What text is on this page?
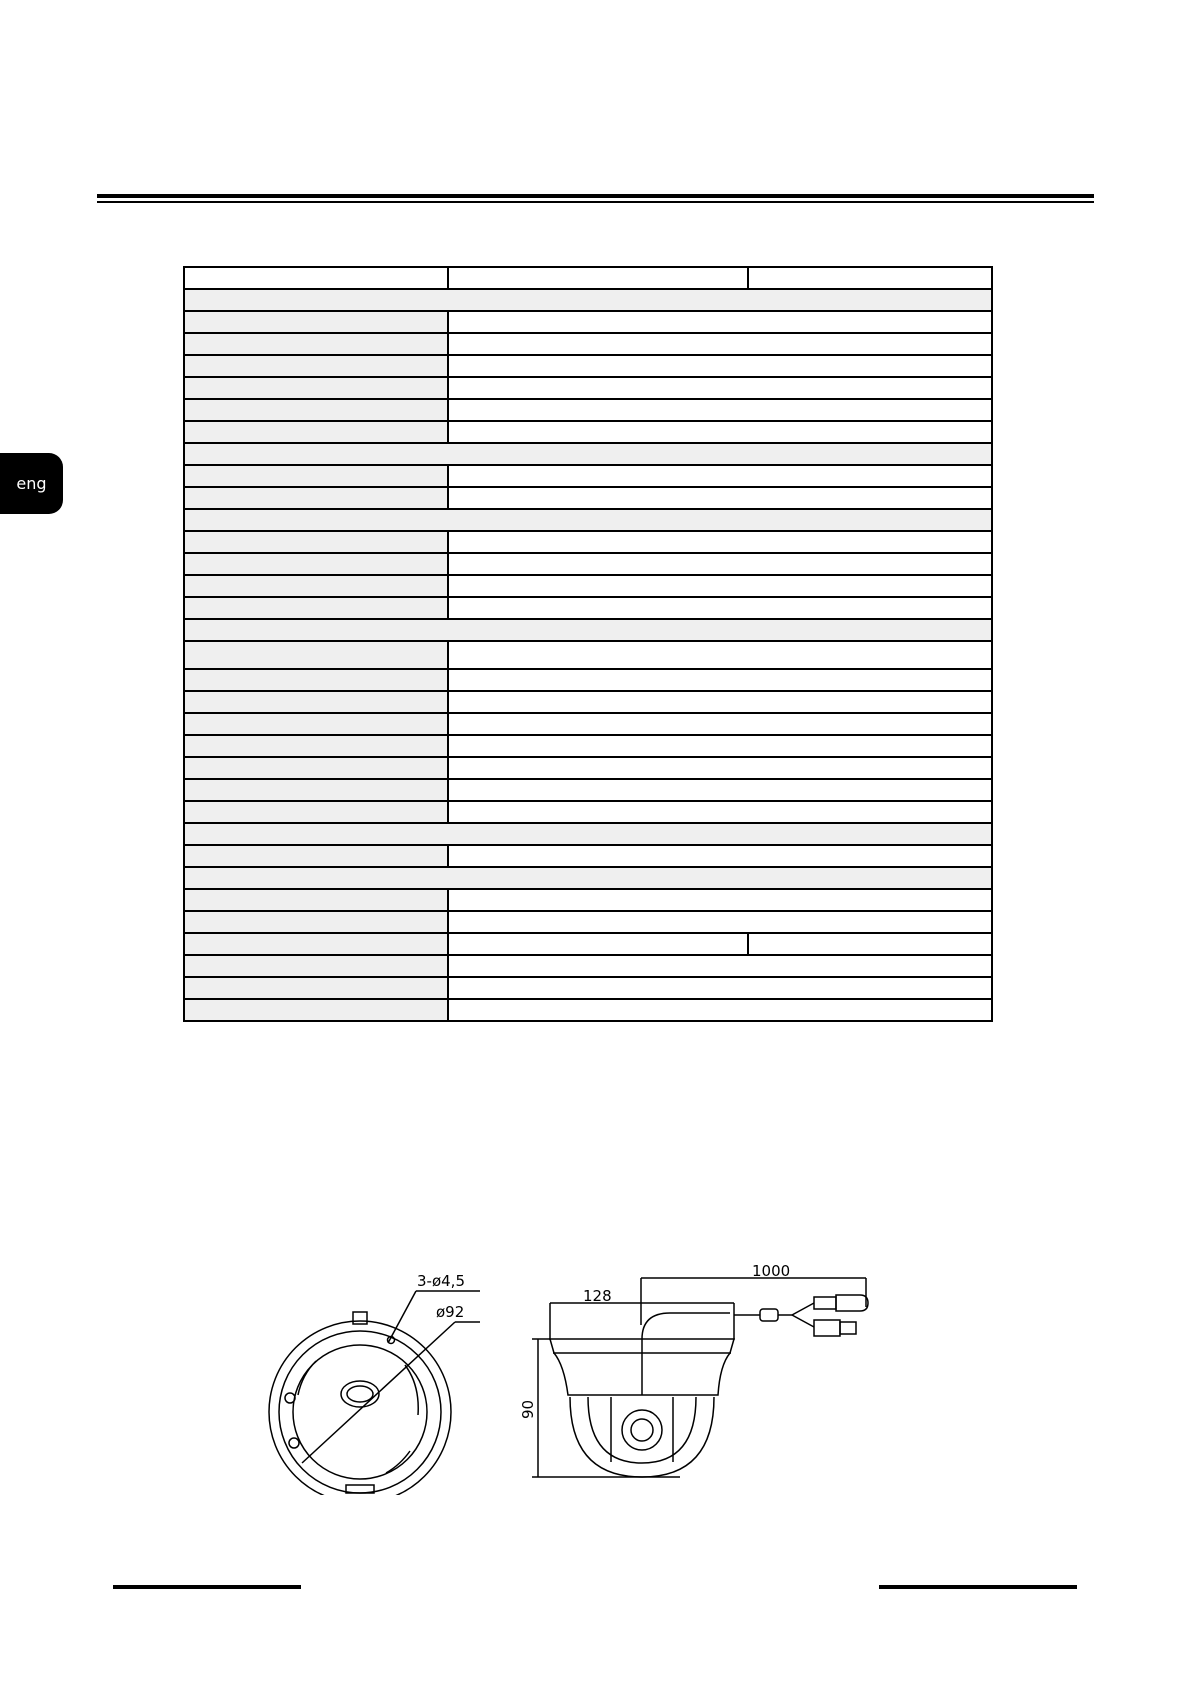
eng

3-ø4,5
ø92
128
1000
90
